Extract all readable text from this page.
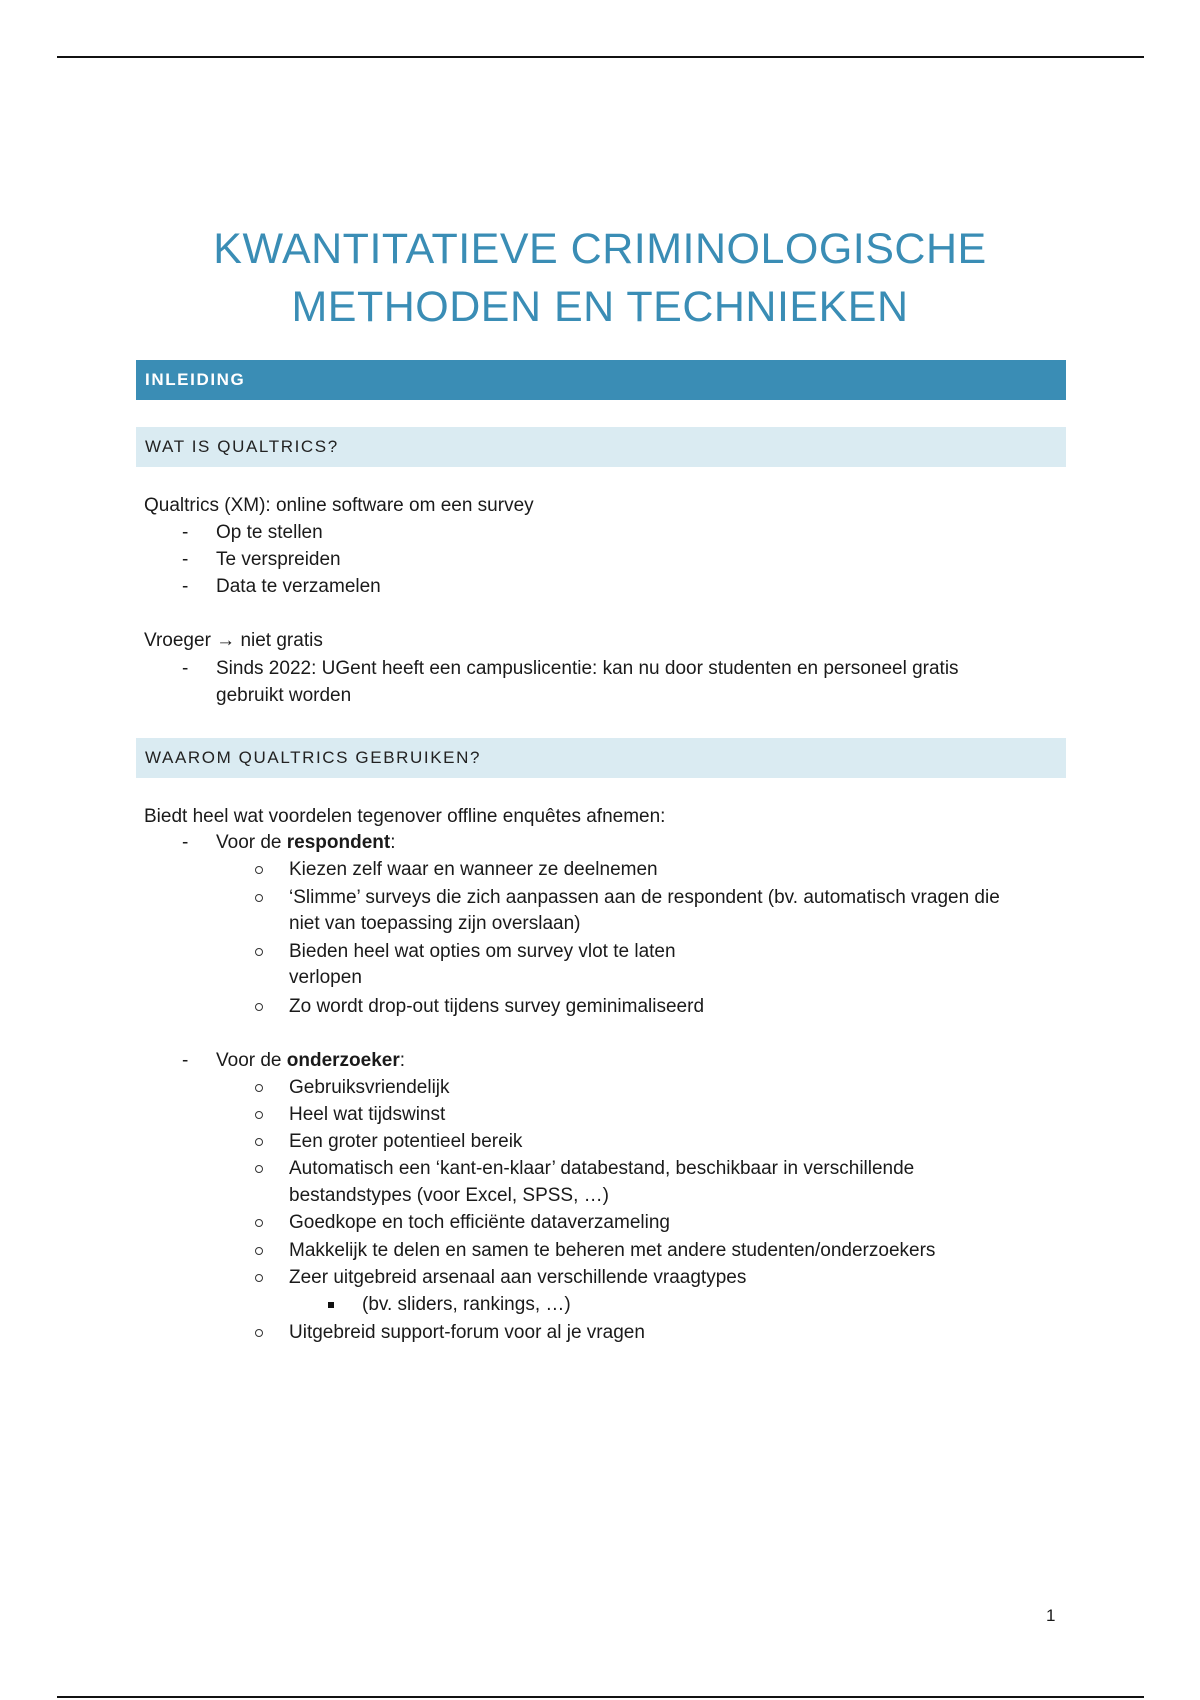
KWANTITATIEVE CRIMINOLOGISCHE
METHODEN EN TECHNIEKEN
INLEIDING
WAT IS QUALTRICS?
Qualtrics (XM): online software om een survey
- Op te stellen
- Te verspreiden
- Data te verzamelen
Vroeger → niet gratis
- Sinds 2022: UGent heeft een campuslicentie: kan nu door studenten en personeel gratis
gebruikt worden
WAAROM QUALTRICS GEBRUIKEN?
Biedt heel wat voordelen tegenover offline enquêtes afnemen:
- Voor de respondent:
Kiezen zelf waar en wanneer ze deelnemen
‘Slimme’ surveys die zich aanpassen aan de respondent (bv. automatisch vragen die
niet van toepassing zijn overslaan)
Bieden heel wat opties om survey vlot te laten
verlopen
Zo wordt drop-out tijdens survey geminimaliseerd
- Voor de onderzoeker:
Gebruiksvriendelijk
Heel wat tijdswinst
Een groter potentieel bereik
Automatisch een ‘kant-en-klaar’ databestand, beschikbaar in verschillende
bestandstypes (voor Excel, SPSS, …)
Goedkope en toch efficiënte dataverzameling
Makkelijk te delen en samen te beheren met andere studenten/onderzoekers
Zeer uitgebreid arsenaal aan verschillende vraagtypes
(bv. sliders, rankings, …)
Uitgebreid support-forum voor al je vragen
1
